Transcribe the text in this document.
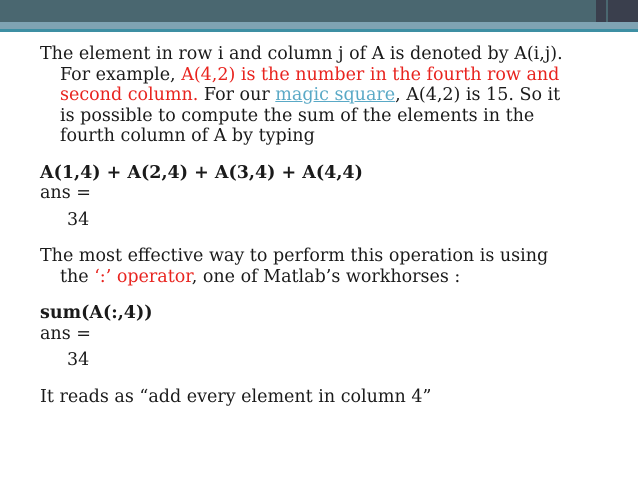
The element in row i and column j of A is denoted by A(i,j).
For example, A(4,2) is the number in the fourth row and
second column. For our magic square, A(4,2) is 15. So it
is possible to compute the sum of the elements in the
fourth column of A by typing

A(1,4) + A(2,4) + A(3,4) + A(4,4)

ans =

34

The most effective way to perform this operation is using
the ‘:’ operator, one of Matlab’s workhorses :

sum(A(:,4))

ans =

34

It reads as “add every element in column 4”
